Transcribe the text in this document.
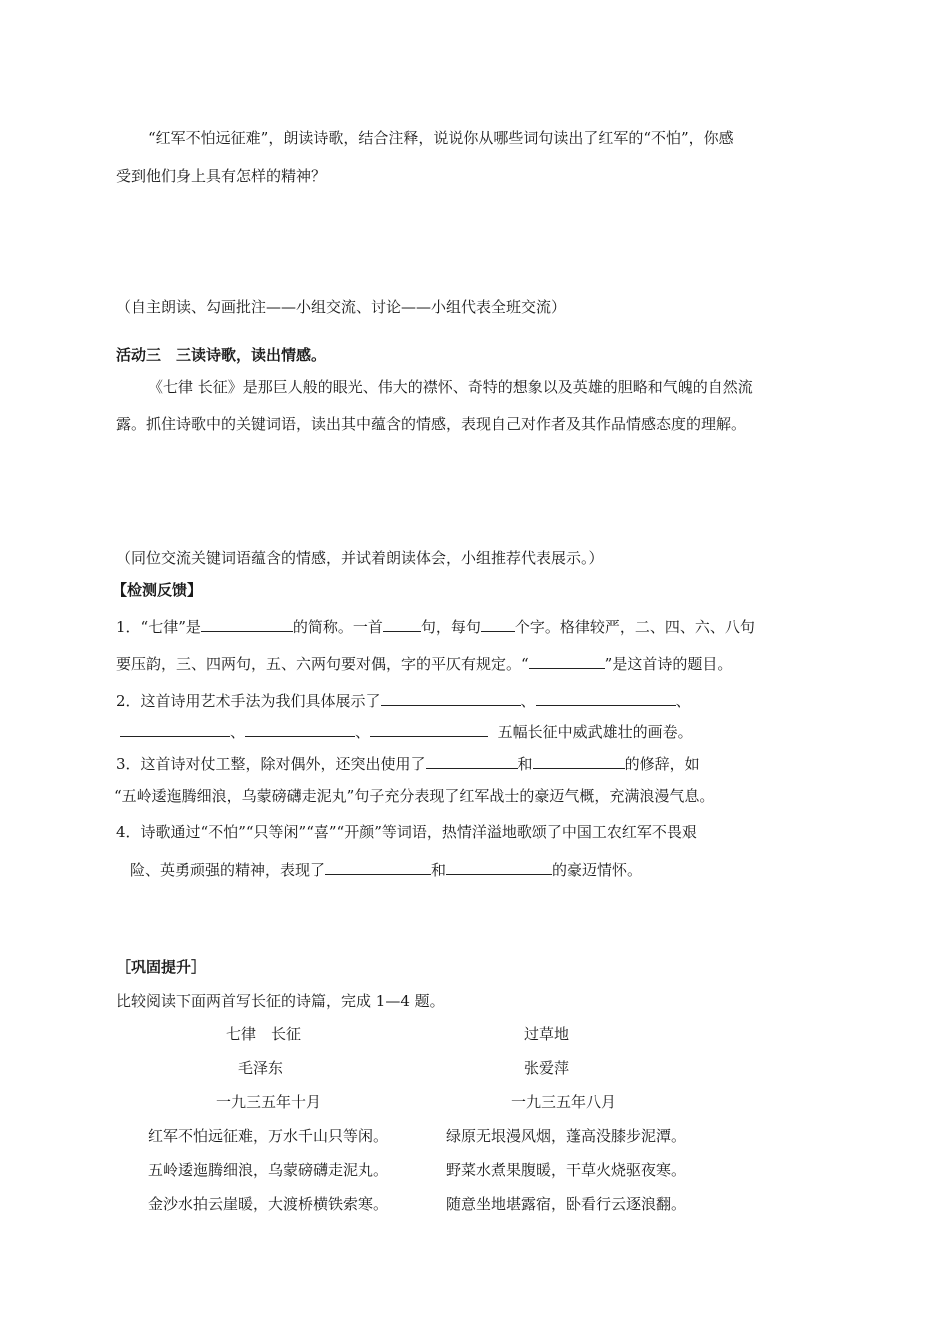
“红军不怕远征难”，朗读诗歌，结合注释，说说你从哪些词句读出了红军的“不怕”，你感
受到他们身上具有怎样的精神？
（自主朗读、勾画批注——小组交流、讨论——小组代表全班交流）
活动三　三读诗歌，读出情感。
《七律 长征》是那巨人般的眼光、伟大的襟怀、奇特的想象以及英雄的胆略和气魄的自然流
露。抓住诗歌中的关键词语，读出其中蕴含的情感，表现自己对作者及其作品情感态度的理解。
（同位交流关键词语蕴含的情感，并试着朗读体会，小组推荐代表展示。）
【检测反馈】
1．“七律”是	的简称。一首	句，每句 个字。格律较严，二、四、六、八句
要压韵，三、四两句，五、六两句要对偶，字的平仄有规定。“	”是这首诗的题目。
2．这首诗用艺术手法为我们具体展示了	、	、
、	、	五幅长征中威武雄壮的画卷。
3．这首诗对仗工整，除对偶外，还突出使用了	和	的修辞，如
“五岭逶迤腾细浪，乌蒙磅礴走泥丸”句子充分表现了红军战士的豪迈气概，充满浪漫气息。
4．诗歌通过“不怕”“只等闲”“喜”“开颜”等词语，热情洋溢地歌颂了中国工农红军不畏艰
险、英勇顽强的精神，表现了	和	的豪迈情怀。
［巩固提升］
比较阅读下面两首写长征的诗篇，完成 1—4 题。
七律　长征
毛泽东
一九三五年十月
红军不怕远征难，万水千山只等闲。
五岭逶迤腾细浪，乌蒙磅礴走泥丸。
金沙水拍云崖暖，大渡桥横铁索寒。
过草地
张爱萍
一九三五年八月
绿原无垠漫风烟，蓬高没膝步泥潭。
野菜水煮果腹暖，干草火烧驱夜寒。
随意坐地堪露宿，卧看行云逐浪翻。
